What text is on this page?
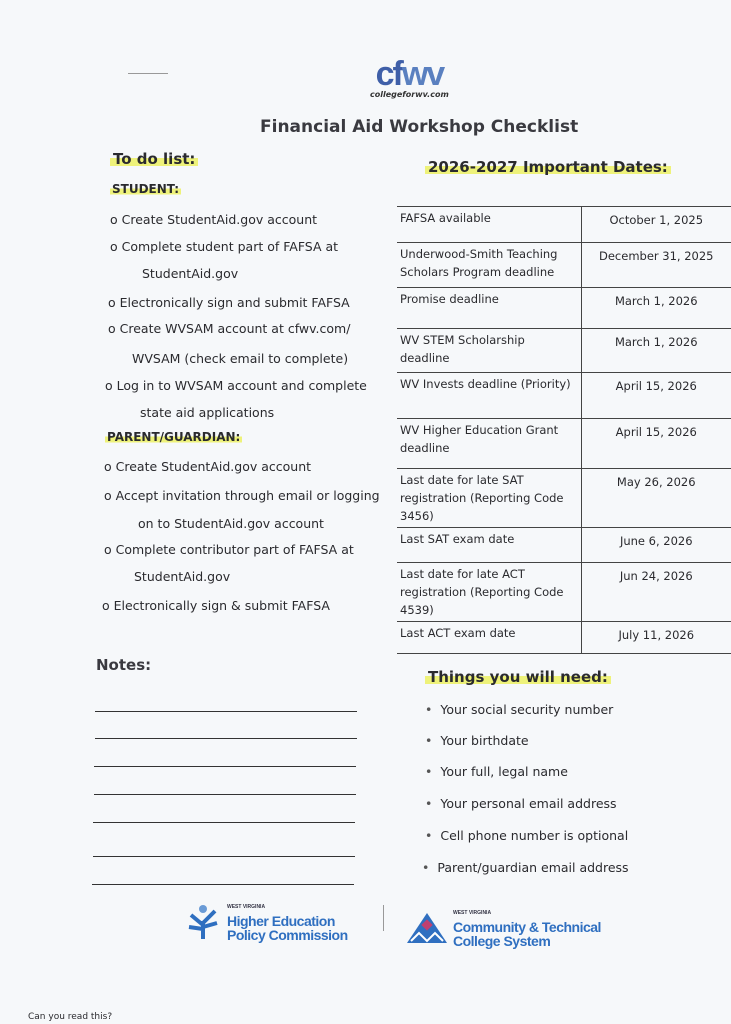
cfwv
collegeforwv.com
Financial Aid Workshop Checklist
To do list:
STUDENT:
o Create StudentAid.gov account
o Complete student part of FAFSA at
StudentAid.gov
o Electronically sign and submit FAFSA
o Create WVSAM account at cfwv.com/
WVSAM (check email to complete)
o Log in to WVSAM account and complete
state aid applications
PARENT/GUARDIAN:
o Create StudentAid.gov account
o Accept invitation through email or logging
on to StudentAid.gov account
o Complete contributor part of FAFSA at
StudentAid.gov
o Electronically sign & submit FAFSA
2026-2027 Important Dates:
FAFSA available	October 1, 2025
Underwood-Smith Teaching Scholars Program deadline	December 31, 2025
Promise deadline	March 1, 2026
WV STEM Scholarship deadline	March 1, 2026
WV Invests deadline (Priority)	April 15, 2026
WV Higher Education Grant deadline	April 15, 2026
Last date for late SAT registration (Reporting Code 3456)	May 26, 2026
Last SAT exam date	June 6, 2026
Last date for late ACT registration (Reporting Code 4539)	Jun 24, 2026
Last ACT exam date	July 11, 2026
Notes:
Things you will need:
• Your social security number
• Your birthdate
• Your full, legal name
• Your personal email address
• Cell phone number is optional
• Parent/guardian email address
WEST VIRGINIA
Higher Education
Policy Commission
WEST VIRGINIA
Community & Technical
College System
Can you read this?
